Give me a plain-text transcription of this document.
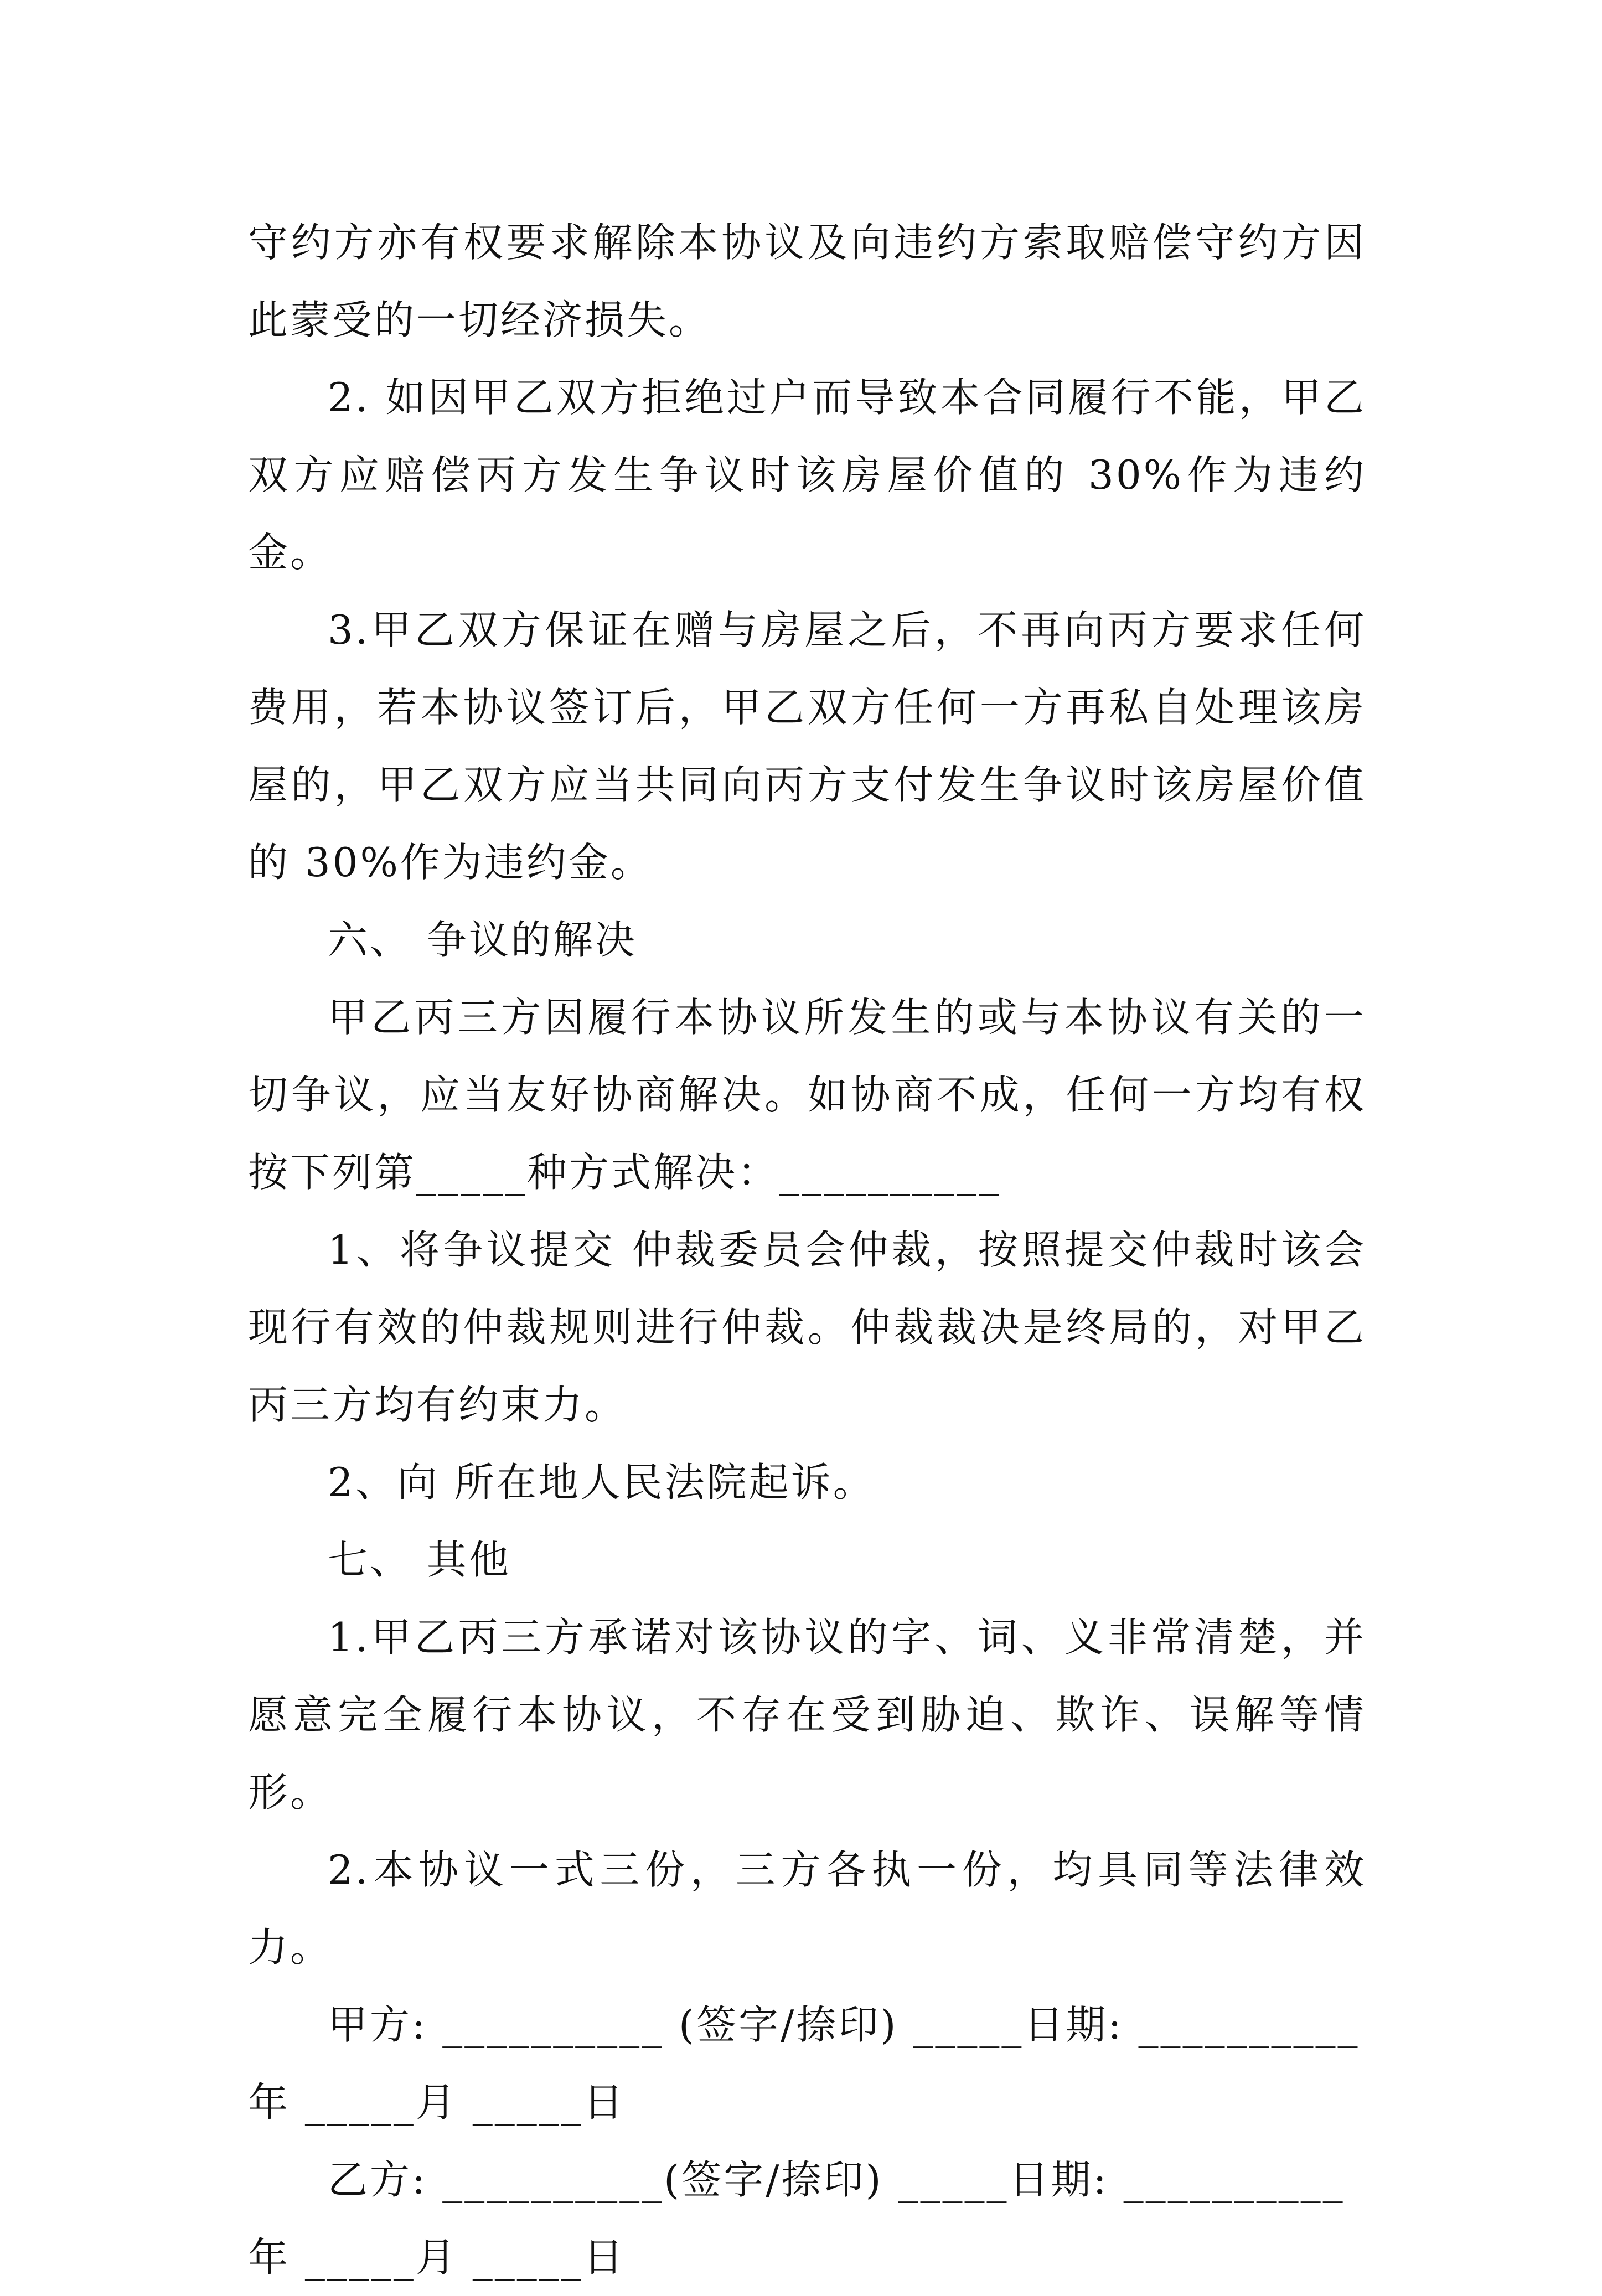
守约方亦有权要求解除本协议及向违约方索取赔偿守约方因此蒙受的一切经济损失。

2. 如因甲乙双方拒绝过户而导致本合同履行不能，甲乙双方应赔偿丙方发生争议时该房屋价值的 30%作为违约金。

3.甲乙双方保证在赠与房屋之后，不再向丙方要求任何费用，若本协议签订后，甲乙双方任何一方再私自处理该房屋的，甲乙双方应当共同向丙方支付发生争议时该房屋价值的 30%作为违约金。

六、 争议的解决

甲乙丙三方因履行本协议所发生的或与本协议有关的一切争议，应当友好协商解决。如协商不成，任何一方均有权按下列第_____种方式解决：__________

1、将争议提交 仲裁委员会仲裁，按照提交仲裁时该会现行有效的仲裁规则进行仲裁。仲裁裁决是终局的，对甲乙丙三方均有约束力。

2、向 所在地人民法院起诉。

七、 其他

1.甲乙丙三方承诺对该协议的字、词、义非常清楚，并愿意完全履行本协议，不存在受到胁迫、欺诈、误解等情形。

2.本协议一式三份，三方各执一份，均具同等法律效力。

甲方: __________ (签字/捺印) _____日期: __________

年 _____月 _____日

乙方: __________(签字/捺印) _____日期: __________

年 _____月 _____日
